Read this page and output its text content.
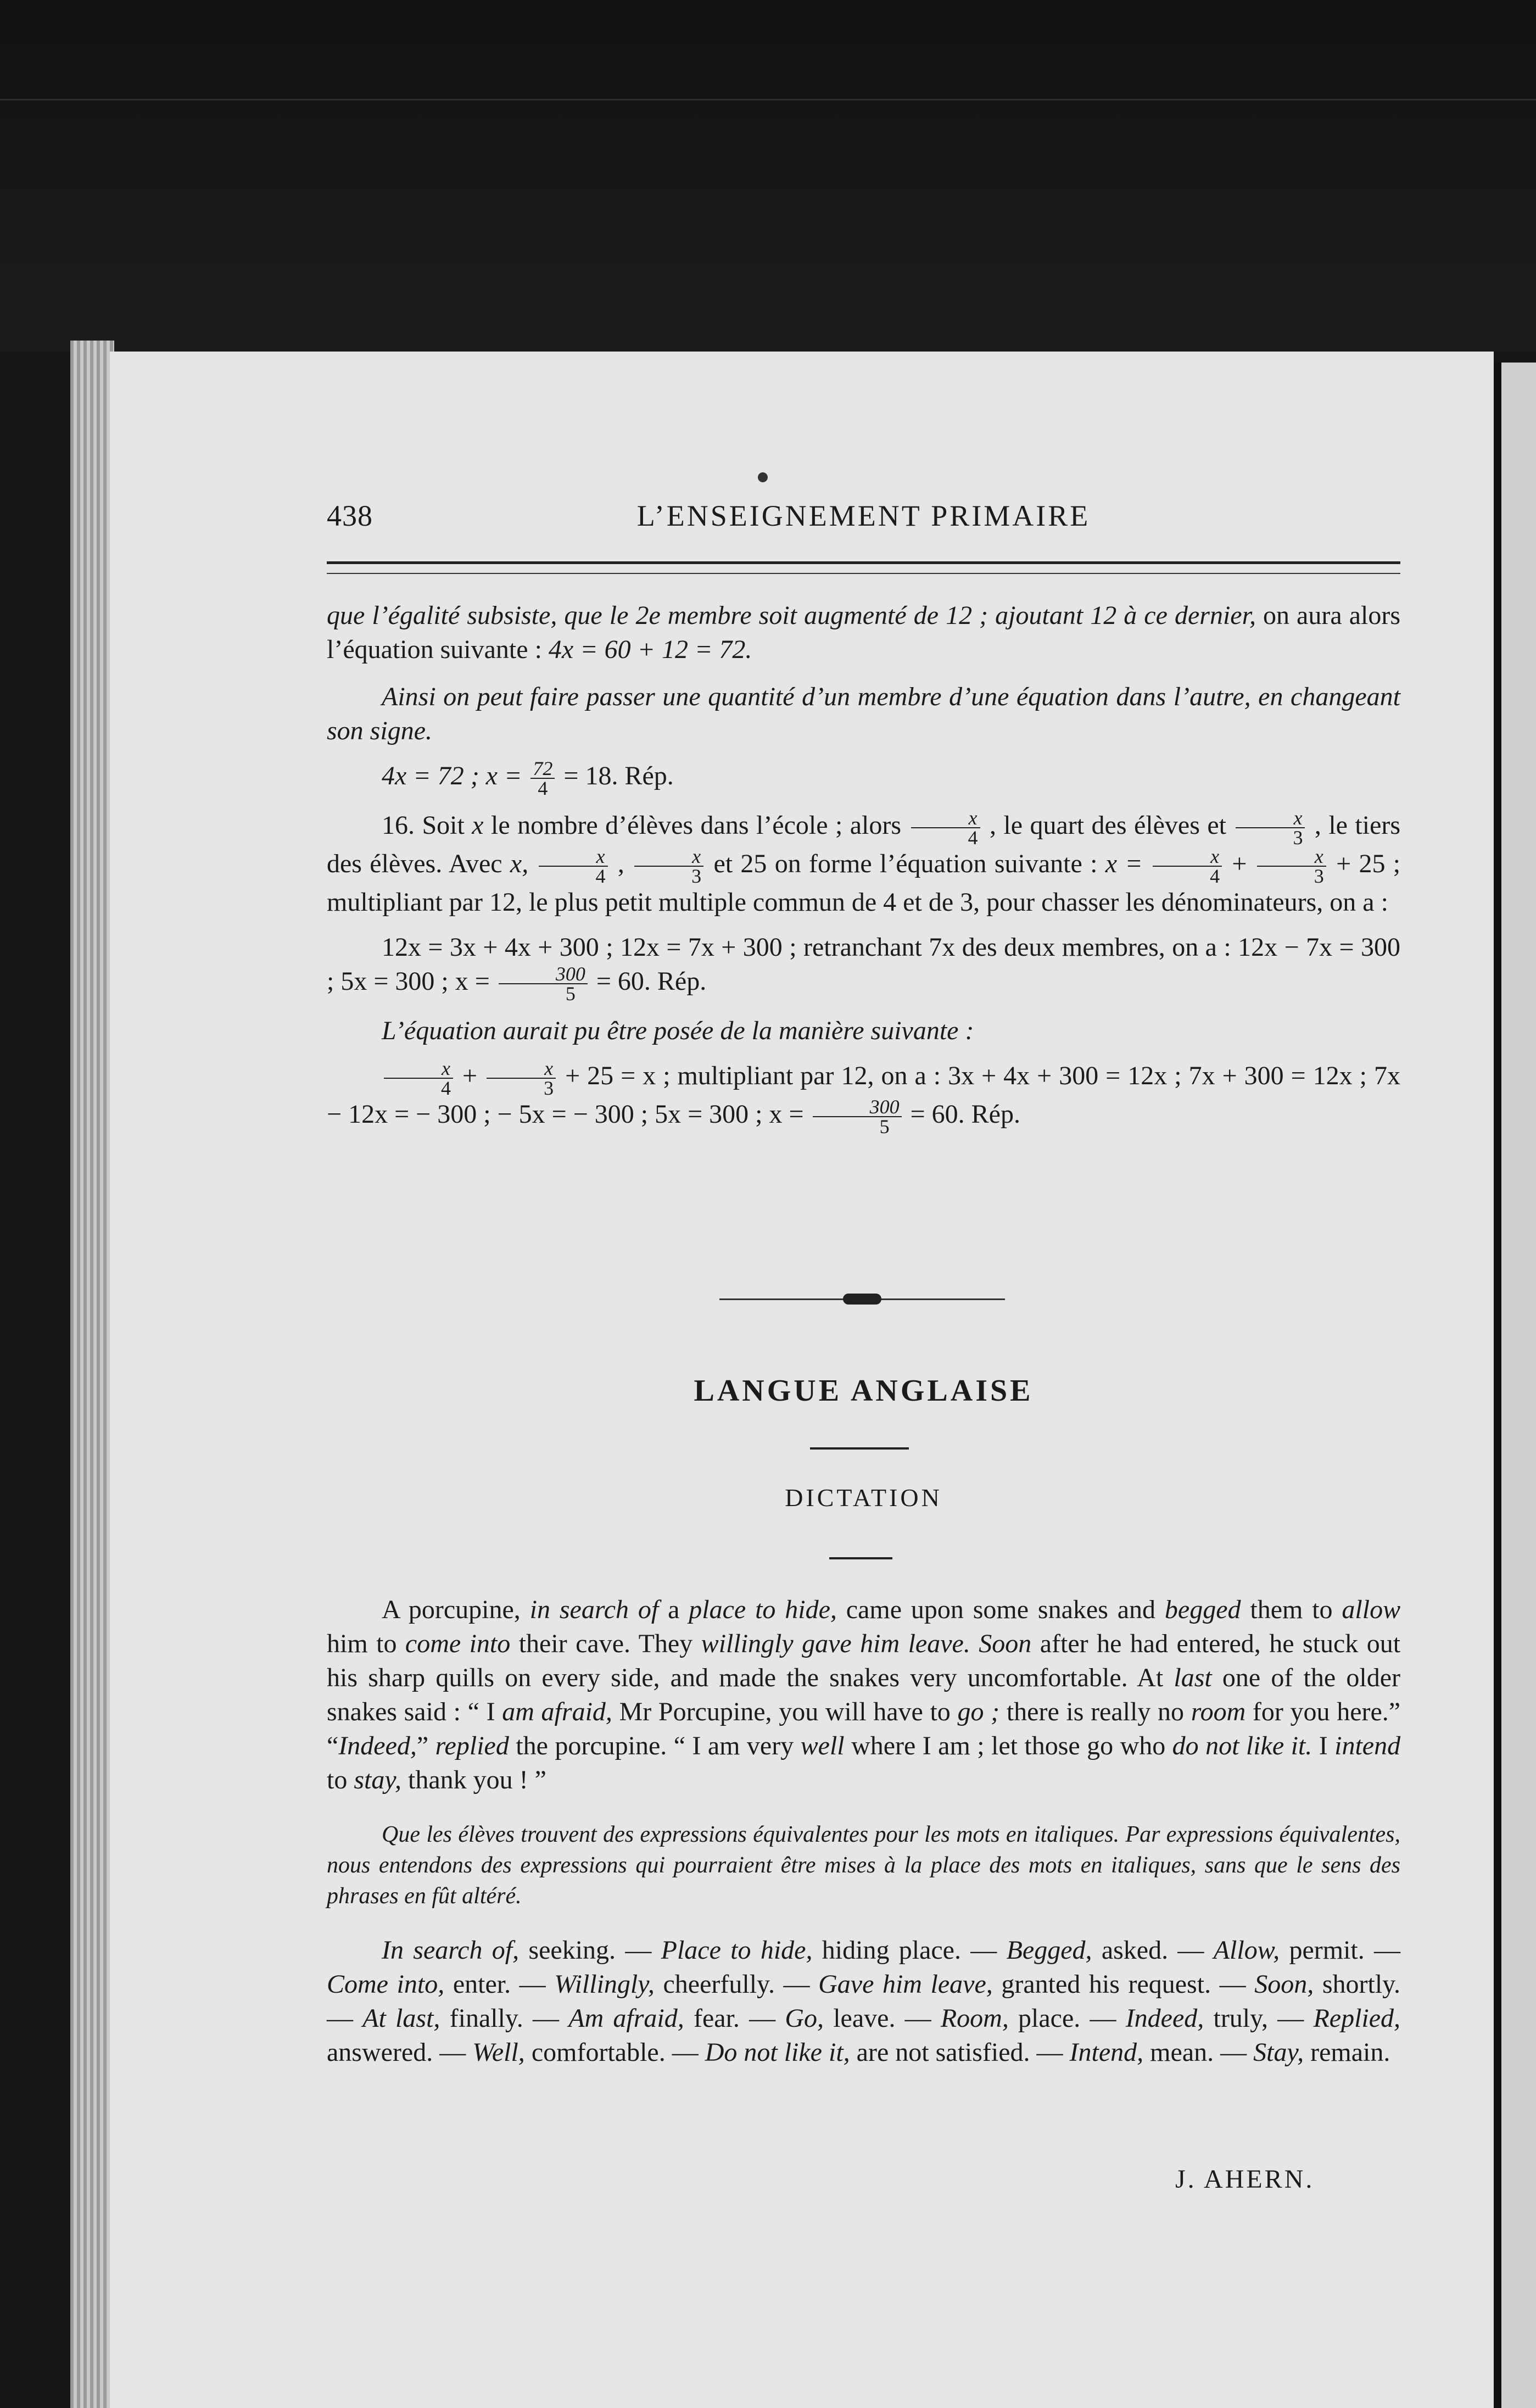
438	L’ENSEIGNEMENT PRIMAIRE

que l’égalité subsiste, que le 2e membre soit augmenté de 12 ; ajoutant 12 à ce dernier, on aura alors l’équation suivante : 4x = 60 + 12 = 72.

Ainsi on peut faire passer une quantité d’un membre d’une équation dans l’autre, en changeant son signe.

4x = 72 ; $x = \frac{72}{4} = 18$. Rép.

16. Soit x le nombre d’élèves dans l’école ; alors $\frac{x}{4}$ , le quart des élèves et $\frac{x}{3}$ , le tiers des élèves. Avec x, $\frac{x}{4}$ , $\frac{x}{3}$ et 25 on forme l’équation suivante : $x = \frac{x}{4} + \frac{x}{3} + 25$ ; multipliant par 12, le plus petit multiple commun de 4 et de 3, pour chasser les dénominateurs, on a :

12x = 3x + 4x + 300 ; 12x = 7x + 300 ; retranchant 7x des deux membres, on a : 12x − 7x = 300 ; 5x = 300 ; $x = \frac{300}{5} = 60$. Rép.

L’équation aurait pu être posée de la manière suivante :

$\frac{x}{4} + \frac{x}{3} + 25 = x$ ; multipliant par 12, on a : 3x + 4x + 300 = 12x ; 7x + 300 = 12x ; 7x − 12x = − 300 ; − 5x = − 300 ; 5x = 300 ; $x = \frac{300}{5} = 60$. Rép.

LANGUE ANGLAISE
DICTATION

A porcupine, in search of a place to hide, came upon some snakes and begged them to allow him to come into their cave. They willingly gave him leave. Soon after he had entered, he stuck out his sharp quills on every side, and made the snakes very uncomfortable. At last one of the older snakes said : “ I am afraid, Mr Porcupine, you will have to go ; there is really no room for you here.” “Indeed,” replied the porcupine. “ I am very well where I am ; let those go who do not like it. I intend to stay, thank you ! ”

Que les élèves trouvent des expressions équivalentes pour les mots en italiques. Par expressions équivalentes, nous entendons des expressions qui pourraient être mises à la place des mots en italiques, sans que le sens des phrases en fût altéré.

In search of, seeking. — Place to hide, hiding place. — Begged, asked. — Allow, permit. — Come into, enter. — Willingly, cheerfully. — Gave him leave, granted his request. — Soon, shortly. — At last, finally. — Am afraid, fear. — Go, leave. — Room, place. — Indeed, truly, — Replied, answered. — Well, comfortable. — Do not like it, are not satisfied. — Intend, mean. — Stay, remain.

J. AHERN.
